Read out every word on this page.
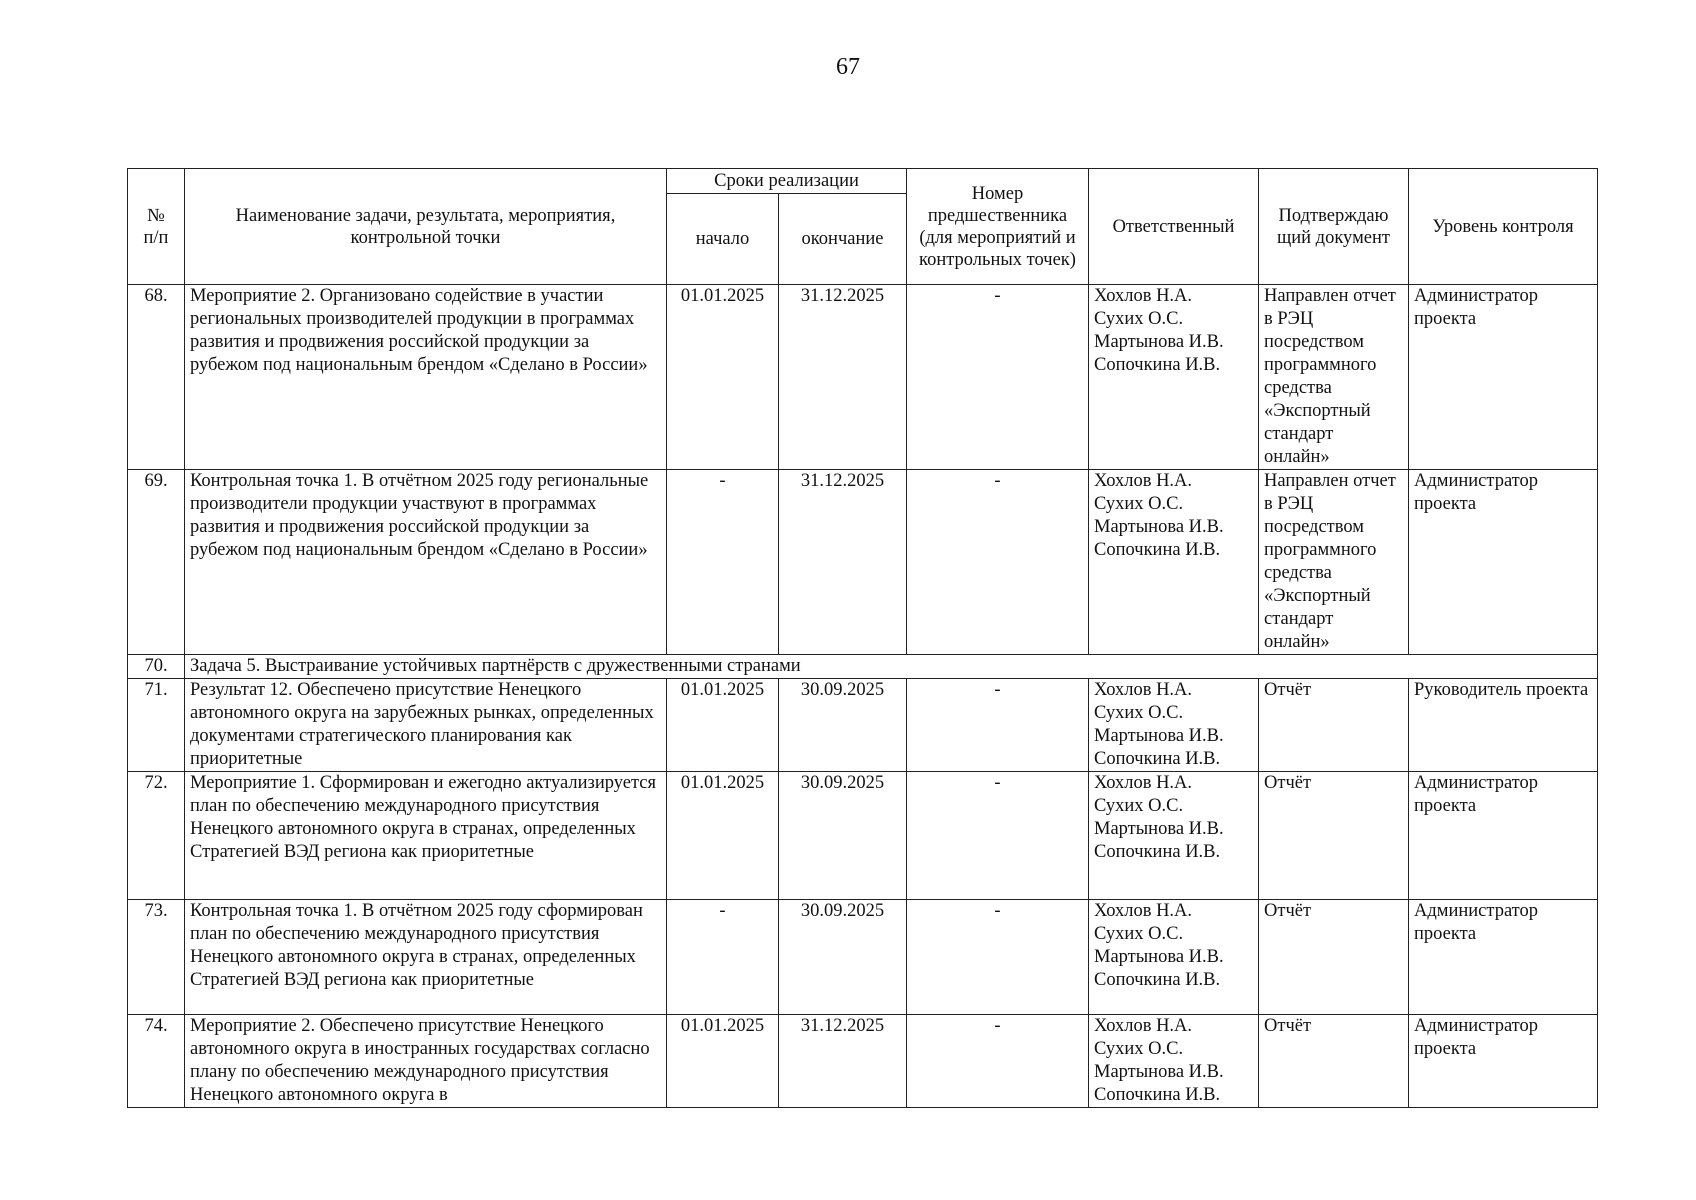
67
№
п/п	Наименование задачи, результата, мероприятия, контрольной точки	Сроки реализации		Номер предшественника (для мероприятий и контрольных точек)	Ответственный	Подтверждаю щий документ	Уровень контроля
		начало	окончание				
68.	Мероприятие 2. Организовано содействие в участии региональных производителей продукции в программах развития и продвижения российской продукции за рубежом под национальным брендом «Сделано в России»	01.01.2025	31.12.2025	-	Хохлов Н.А.
Сухих О.С.
Мартынова И.В.
Сопочкина И.В.	Направлен отчет в РЭЦ посредством программного средства «Экспортный стандарт онлайн»	Администратор проекта
69.	Контрольная точка 1. В отчётном 2025 году региональные производители продукции участвуют в программах развития и продвижения российской продукции за рубежом под национальным брендом «Сделано в России»	-	31.12.2025	-	Хохлов Н.А.
Сухих О.С.
Мартынова И.В.
Сопочкина И.В.	Направлен отчет в РЭЦ посредством программного средства «Экспортный стандарт онлайн»	Администратор проекта
70.	Задача 5. Выстраивание устойчивых партнёрств с дружественными странами						
71.	Результат 12. Обеспечено присутствие Ненецкого автономного округа на зарубежных рынках, определенных документами стратегического планирования как приоритетные	01.01.2025	30.09.2025	-	Хохлов Н.А.
Сухих О.С.
Мартынова И.В.
Сопочкина И.В.	Отчёт	Руководитель проекта
72.	Мероприятие 1. Сформирован и ежегодно актуализируется план по обеспечению международного присутствия Ненецкого автономного округа в странах, определенных Стратегией ВЭД региона как приоритетные	01.01.2025	30.09.2025	-	Хохлов Н.А.
Сухих О.С.
Мартынова И.В.
Сопочкина И.В.	Отчёт	Администратор проекта
73.	Контрольная точка 1. В отчётном 2025 году сформирован план по обеспечению международного присутствия Ненецкого автономного округа в странах, определенных Стратегией ВЭД региона как приоритетные	-	30.09.2025	-	Хохлов Н.А.
Сухих О.С.
Мартынова И.В.
Сопочкина И.В.	Отчёт	Администратор проекта
74.	Мероприятие 2. Обеспечено присутствие Ненецкого автономного округа в иностранных государствах согласно плану по обеспечению международного присутствия Ненецкого автономного округа в	01.01.2025	31.12.2025	-	Хохлов Н.А.
Сухих О.С.
Мартынова И.В.
Сопочкина И.В.	Отчёт	Администратор проекта
